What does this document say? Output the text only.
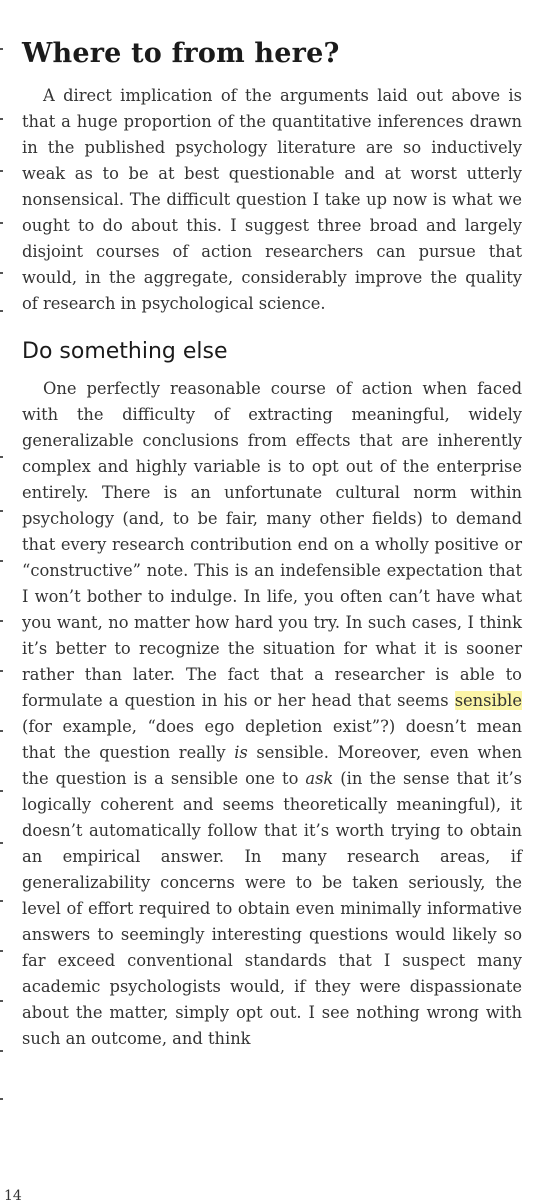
Where to from here?

A direct implication of the arguments laid out above is that a huge proportion of the quantitative inferences drawn in the published psychology literature are so inductively weak as to be at best questionable and at worst utterly nonsensical. The difficult question I take up now is what we ought to do about this. I suggest three broad and largely disjoint courses of action researchers can pursue that would, in the aggregate, considerably improve the quality of research in psychological science.

Do something else

One perfectly reasonable course of action when faced with the difficulty of extracting meaningful, widely generalizable conclusions from effects that are inherently complex and highly variable is to opt out of the enterprise entirely. There is an unfortunate cultural norm within psychology (and, to be fair, many other fields) to demand that every research contribution end on a wholly positive or “constructive” note. This is an indefensible expectation that I won’t bother to indulge. In life, you often can’t have what you want, no matter how hard you try. In such cases, I think it’s better to recognize the situation for what it is sooner rather than later. The fact that a researcher is able to formulate a question in his or her head that seems sensible (for example, “does ego depletion exist”?) doesn’t mean that the question really is sensible. Moreover, even when the question is a sensible one to ask (in the sense that it’s logically coherent and seems theoretically meaningful), it doesn’t automatically follow that it’s worth trying to obtain an empirical answer. In many research areas, if generalizability concerns were to be taken seriously, the level of effort required to obtain even minimally informative answers to seemingly interesting questions would likely so far exceed conventional standards that I suspect many academic psychologists would, if they were dispassionate about the matter, simply opt out. I see nothing wrong with such an outcome, and think

14
